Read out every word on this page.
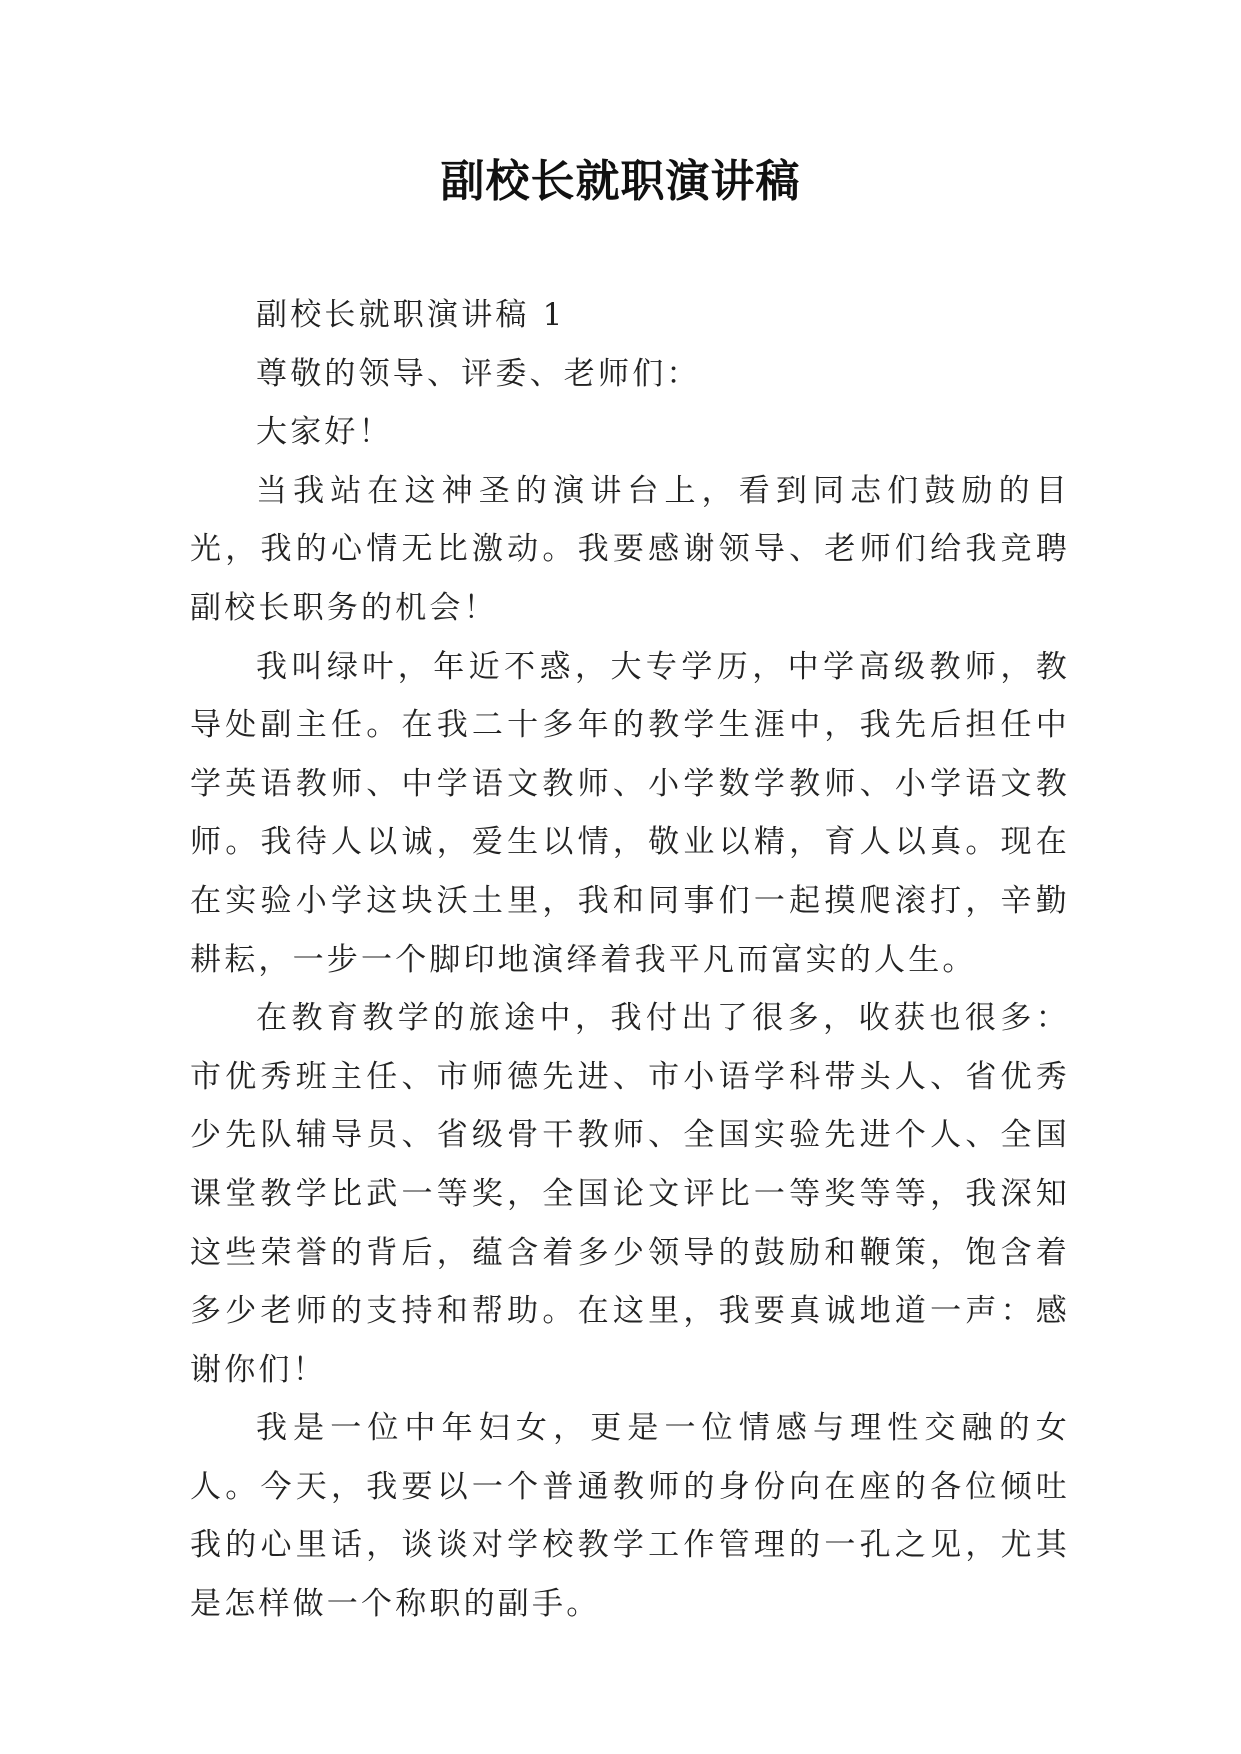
副校长就职演讲稿

副校长就职演讲稿 1

尊敬的领导、评委、老师们：

大家好！

当我站在这神圣的演讲台上，看到同志们鼓励的目光，我的心情无比激动。我要感谢领导、老师们给我竞聘副校长职务的机会！

我叫绿叶，年近不惑，大专学历，中学高级教师，教导处副主任。在我二十多年的教学生涯中，我先后担任中学英语教师、中学语文教师、小学数学教师、小学语文教师。我待人以诚，爱生以情，敬业以精，育人以真。现在在实验小学这块沃土里，我和同事们一起摸爬滚打，辛勤耕耘，一步一个脚印地演绎着我平凡而富实的人生。

在教育教学的旅途中，我付出了很多，收获也很多：市优秀班主任、市师德先进、市小语学科带头人、省优秀少先队辅导员、省级骨干教师、全国实验先进个人、全国课堂教学比武一等奖，全国论文评比一等奖等等，我深知这些荣誉的背后，蕴含着多少领导的鼓励和鞭策，饱含着多少老师的支持和帮助。在这里，我要真诚地道一声：感谢你们！

我是一位中年妇女，更是一位情感与理性交融的女人。今天，我要以一个普通教师的身份向在座的各位倾吐我的心里话，谈谈对学校教学工作管理的一孔之见，尤其是怎样做一个称职的副手。
